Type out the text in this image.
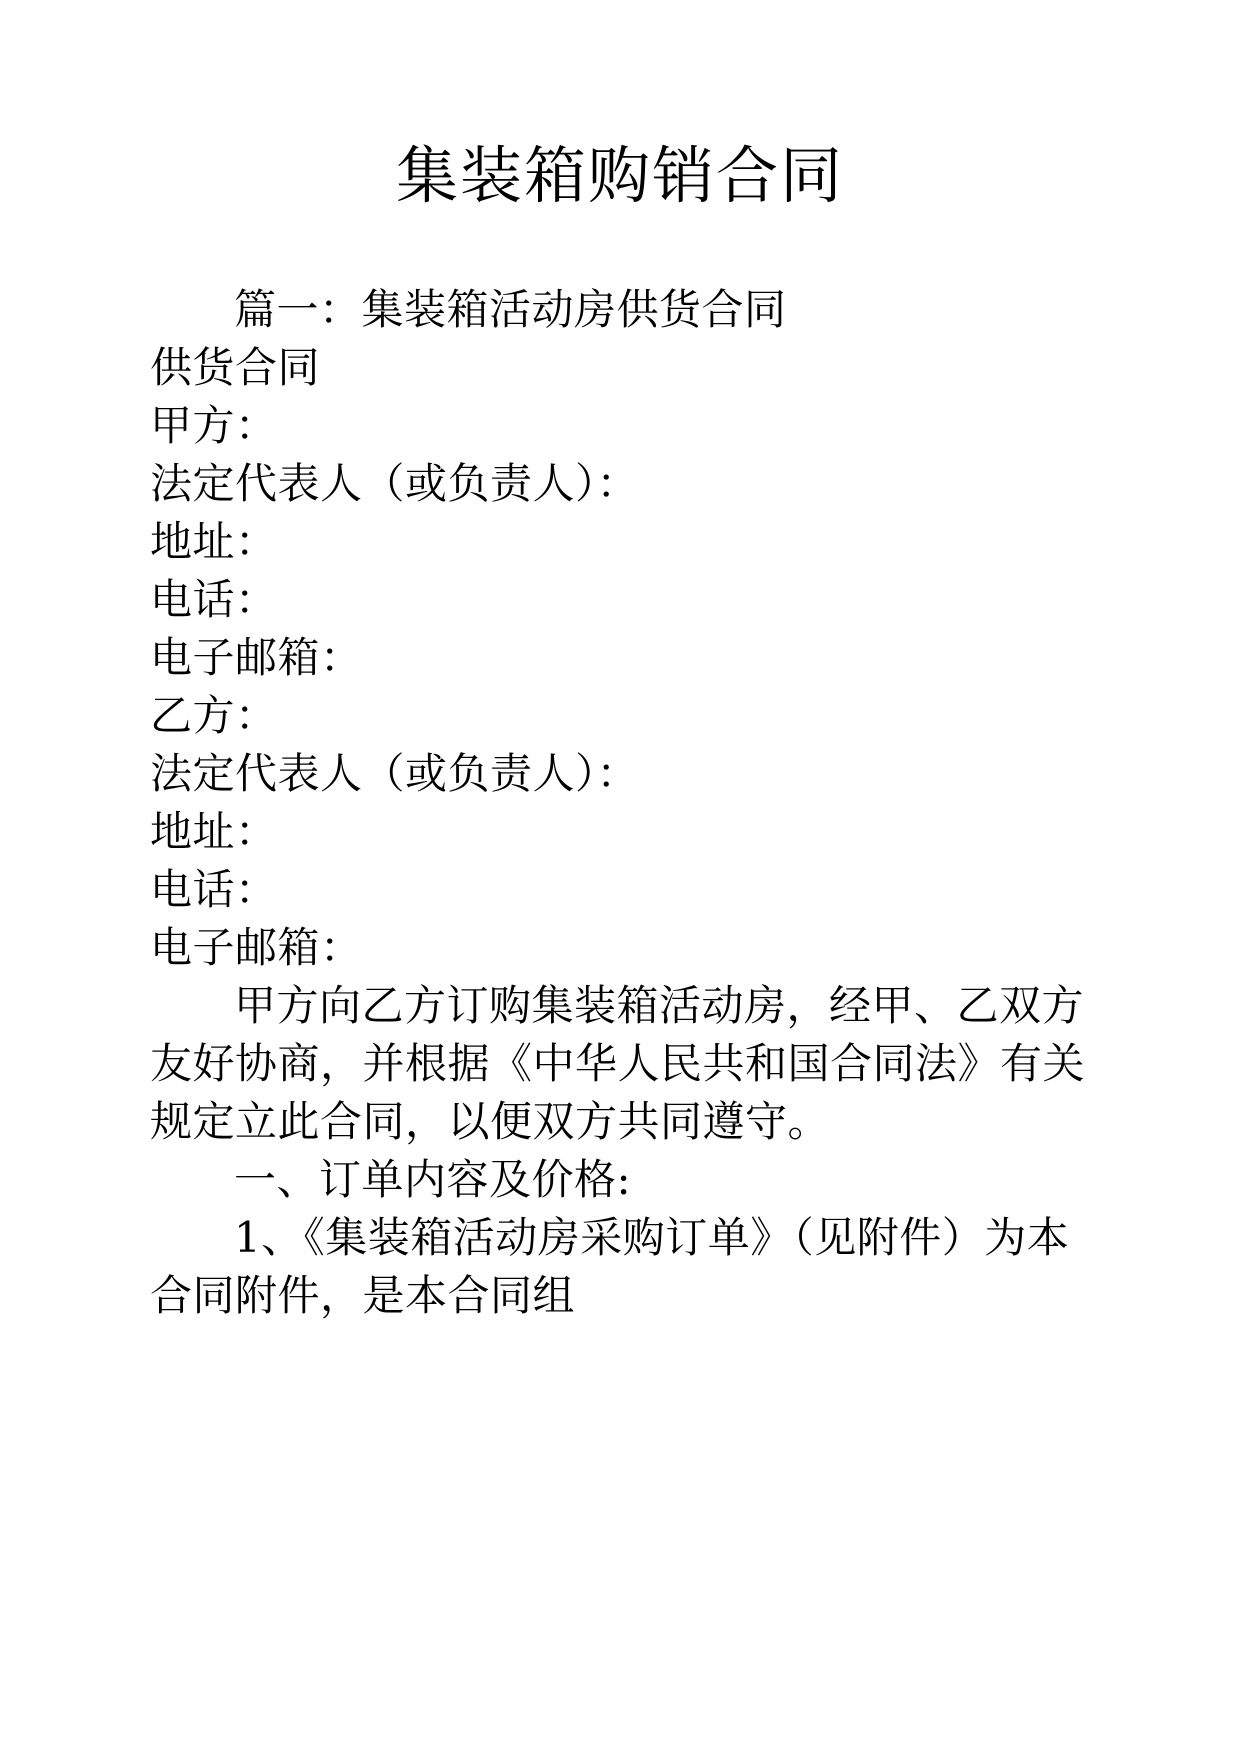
集装箱购销合同

篇一：集装箱活动房供货合同

供货合同

甲方：

法定代表人（或负责人）：

地址：

电话：

电子邮箱：

乙方：

法定代表人（或负责人）：

地址：

电话：

电子邮箱：

甲方向乙方订购集装箱活动房，经甲、乙双方友好协商，并根据《中华人民共和国合同法》有关规定立此合同，以便双方共同遵守。

一、订单内容及价格:

1、《集装箱活动房采购订单》（见附件）为本合同附件，是本合同组
